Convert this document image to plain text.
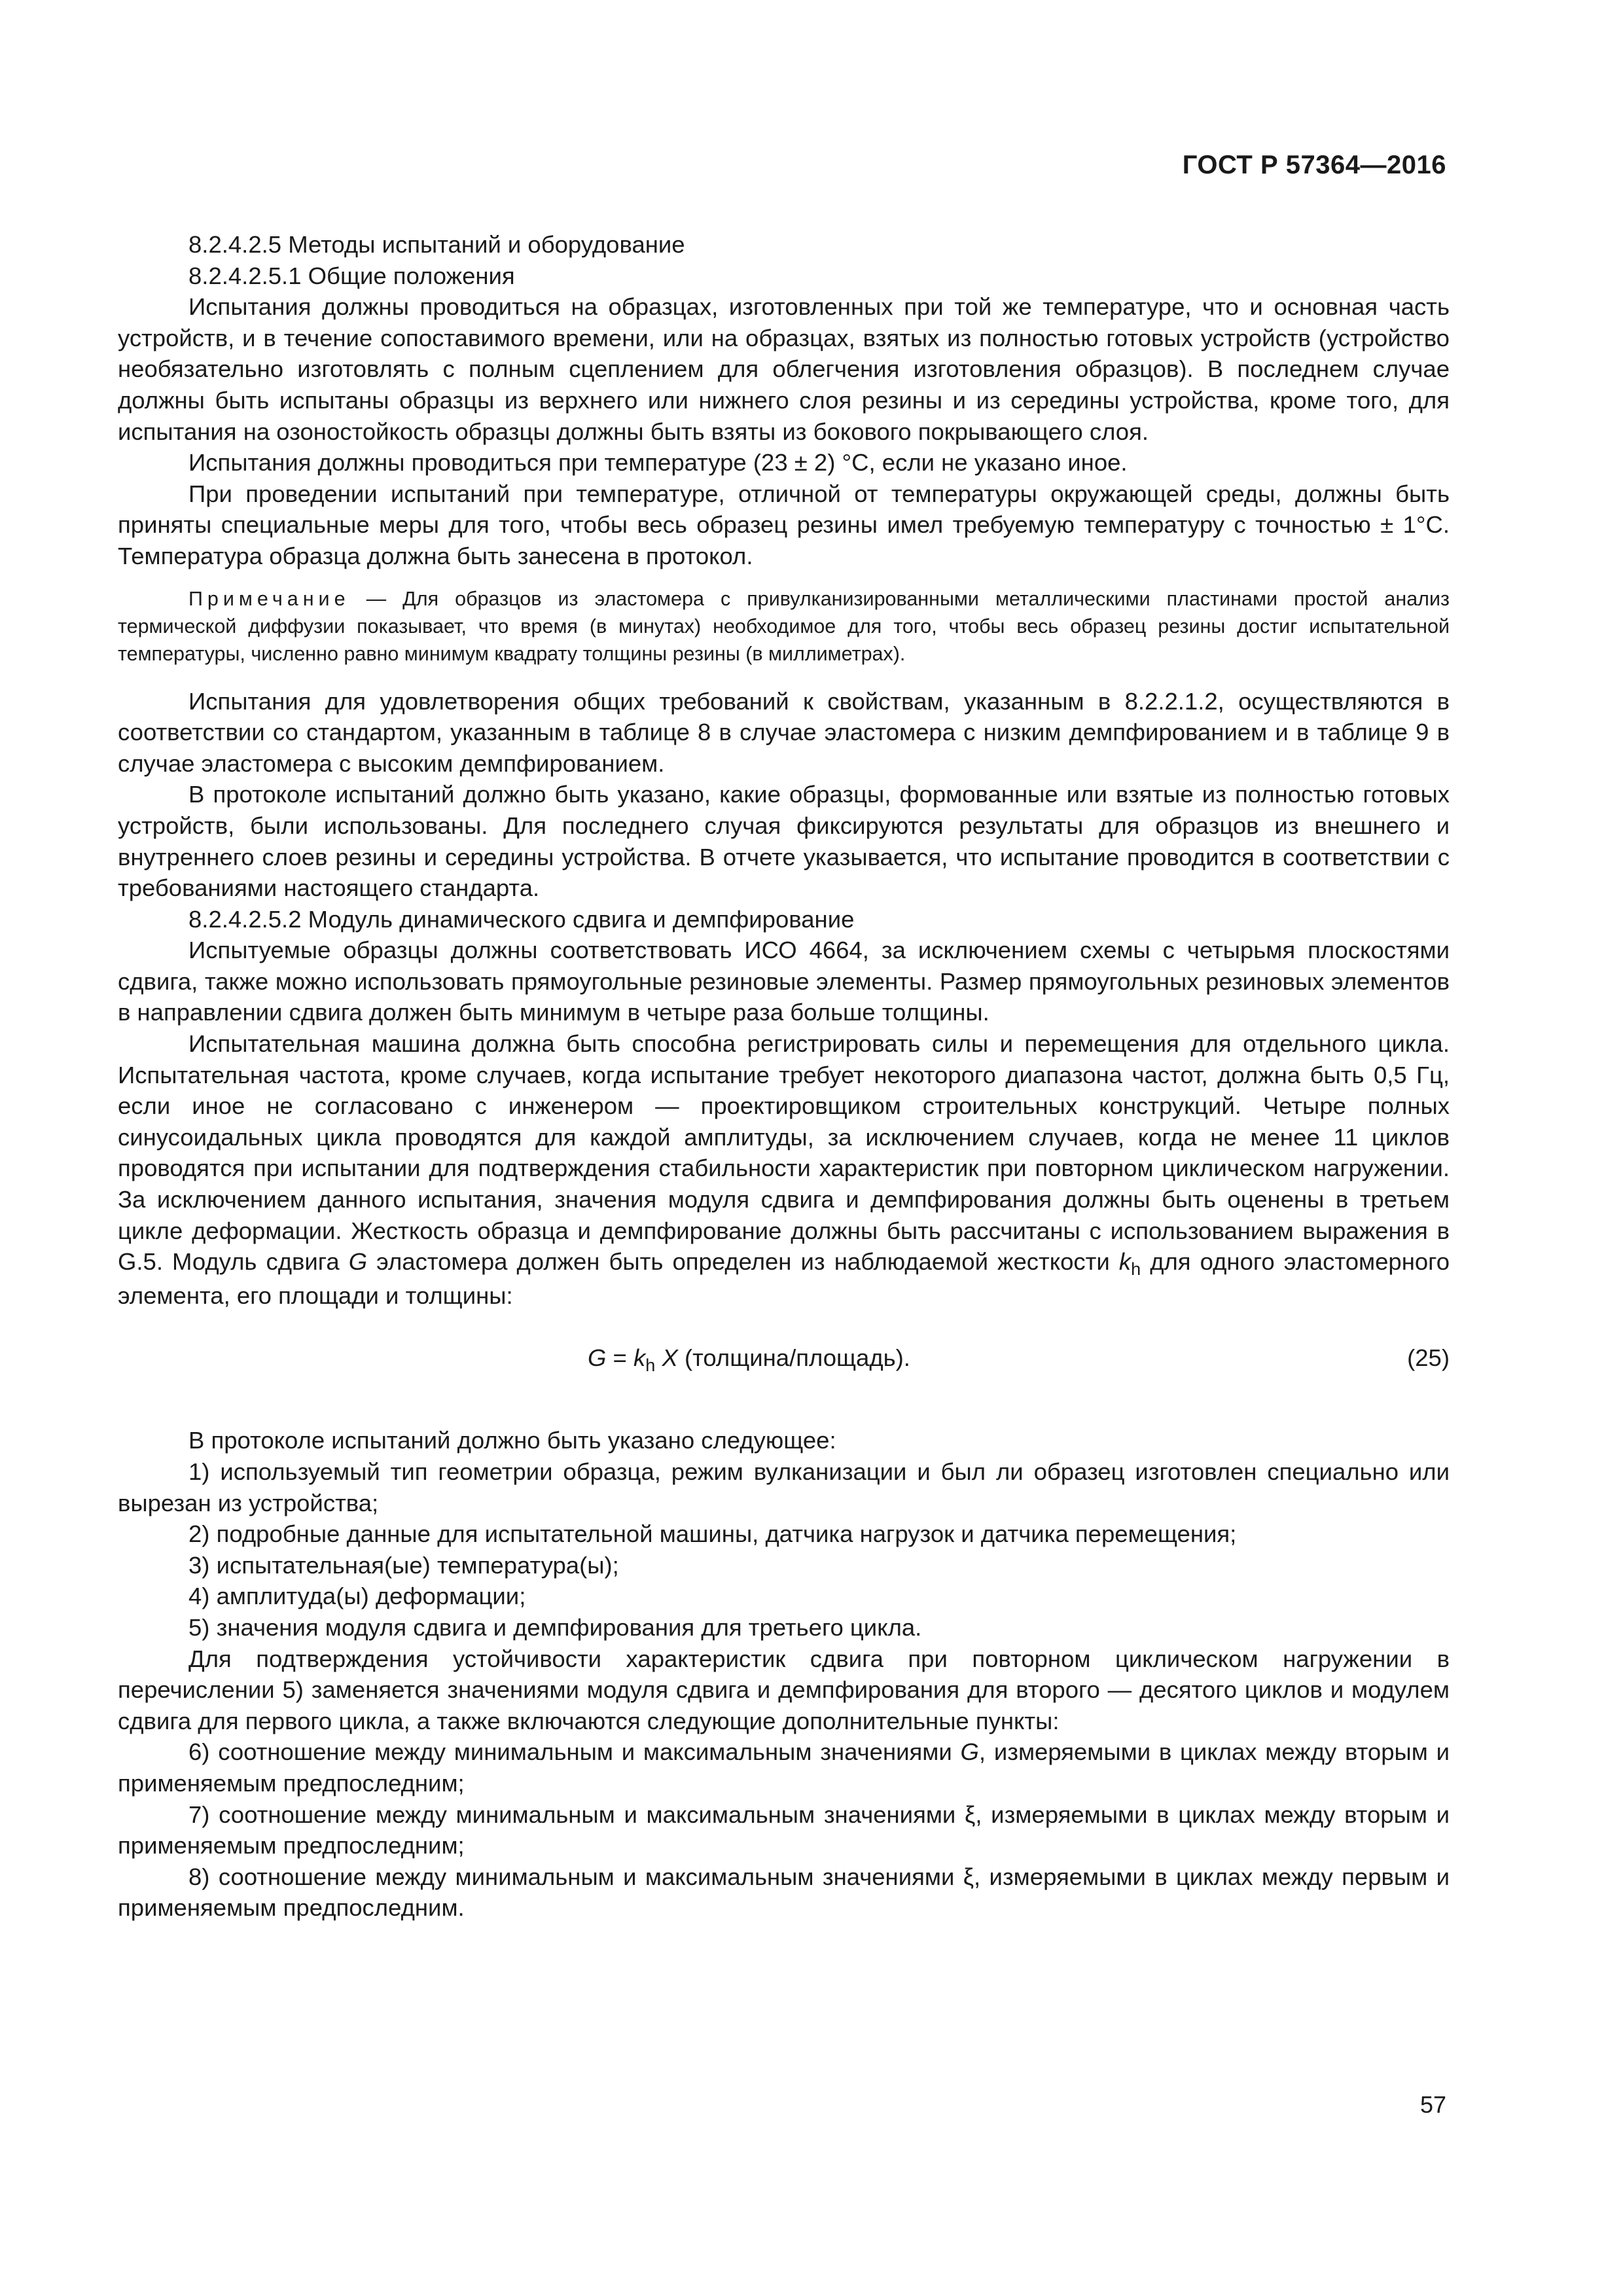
ГОСТ Р 57364—2016

8.2.4.2.5 Методы испытаний и оборудование

8.2.4.2.5.1 Общие положения

Испытания должны проводиться на образцах, изготовленных при той же температуре, что и основная часть устройств, и в течение сопоставимого времени, или на образцах, взятых из полностью готовых устройств (устройство необязательно изготовлять с полным сцеплением для облегчения изготовления образцов). В последнем случае должны быть испытаны образцы из верхнего или нижнего слоя резины и из середины устройства, кроме того, для испытания на озоностойкость образцы должны быть взяты из бокового покрывающего слоя.

Испытания должны проводиться при температуре (23 ± 2) °С, если не указано иное.

При проведении испытаний при температуре, отличной от температуры окружающей среды, должны быть приняты специальные меры для того, чтобы весь образец резины имел требуемую температуру с точностью ± 1°С. Температура образца должна быть занесена в протокол.

Примечание — Для образцов из эластомера с привулканизированными металлическими пластинами простой анализ термической диффузии показывает, что время (в минутах) необходимое для того, чтобы весь образец резины достиг испытательной температуры, численно равно минимум квадрату толщины резины (в миллиметрах).

Испытания для удовлетворения общих требований к свойствам, указанным в 8.2.2.1.2, осуществляются в соответствии со стандартом, указанным в таблице 8 в случае эластомера с низким демпфированием и в таблице 9 в случае эластомера с высоким демпфированием.

В протоколе испытаний должно быть указано, какие образцы, формованные или взятые из полностью готовых устройств, были использованы. Для последнего случая фиксируются результаты для образцов из внешнего и внутреннего слоев резины и середины устройства. В отчете указывается, что испытание проводится в соответствии с требованиями настоящего стандарта.

8.2.4.2.5.2 Модуль динамического сдвига и демпфирование

Испытуемые образцы должны соответствовать ИСО 4664, за исключением схемы с четырьмя плоскостями сдвига, также можно использовать прямоугольные резиновые элементы. Размер прямоугольных резиновых элементов в направлении сдвига должен быть минимум в четыре раза больше толщины.

Испытательная машина должна быть способна регистрировать силы и перемещения для отдельного цикла. Испытательная частота, кроме случаев, когда испытание требует некоторого диапазона частот, должна быть 0,5 Гц, если иное не согласовано с инженером — проектировщиком строительных конструкций. Четыре полных синусоидальных цикла проводятся для каждой амплитуды, за исключением случаев, когда не менее 11 циклов проводятся при испытании для подтверждения стабильности характеристик при повторном циклическом нагружении. За исключением данного испытания, значения модуля сдвига и демпфирования должны быть оценены в третьем цикле деформации. Жесткость образца и демпфирование должны быть рассчитаны с использованием выражения в G.5. Модуль сдвига G эластомера должен быть определен из наблюдаемой жесткости $k_h$ для одного эластомерного элемента, его площади и толщины:

$G = k_h$ X (толщина/площадь).	(25)

В протоколе испытаний должно быть указано следующее:

1) используемый тип геометрии образца, режим вулканизации и был ли образец изготовлен специально или вырезан из устройства;

2) подробные данные для испытательной машины, датчика нагрузок и датчика перемещения;

3) испытательная(ые) температура(ы);

4) амплитуда(ы) деформации;

5) значения модуля сдвига и демпфирования для третьего цикла.

Для подтверждения устойчивости характеристик сдвига при повторном циклическом нагружении в перечислении 5) заменяется значениями модуля сдвига и демпфирования для второго — десятого циклов и модулем сдвига для первого цикла, а также включаются следующие дополнительные пункты:

6) соотношение между минимальным и максимальным значениями G, измеряемыми в циклах между вторым и применяемым предпоследним;

7) соотношение между минимальным и максимальным значениями ξ, измеряемыми в циклах между вторым и применяемым предпоследним;

8) соотношение между минимальным и максимальным значениями ξ, измеряемыми в циклах между первым и применяемым предпоследним.

57
